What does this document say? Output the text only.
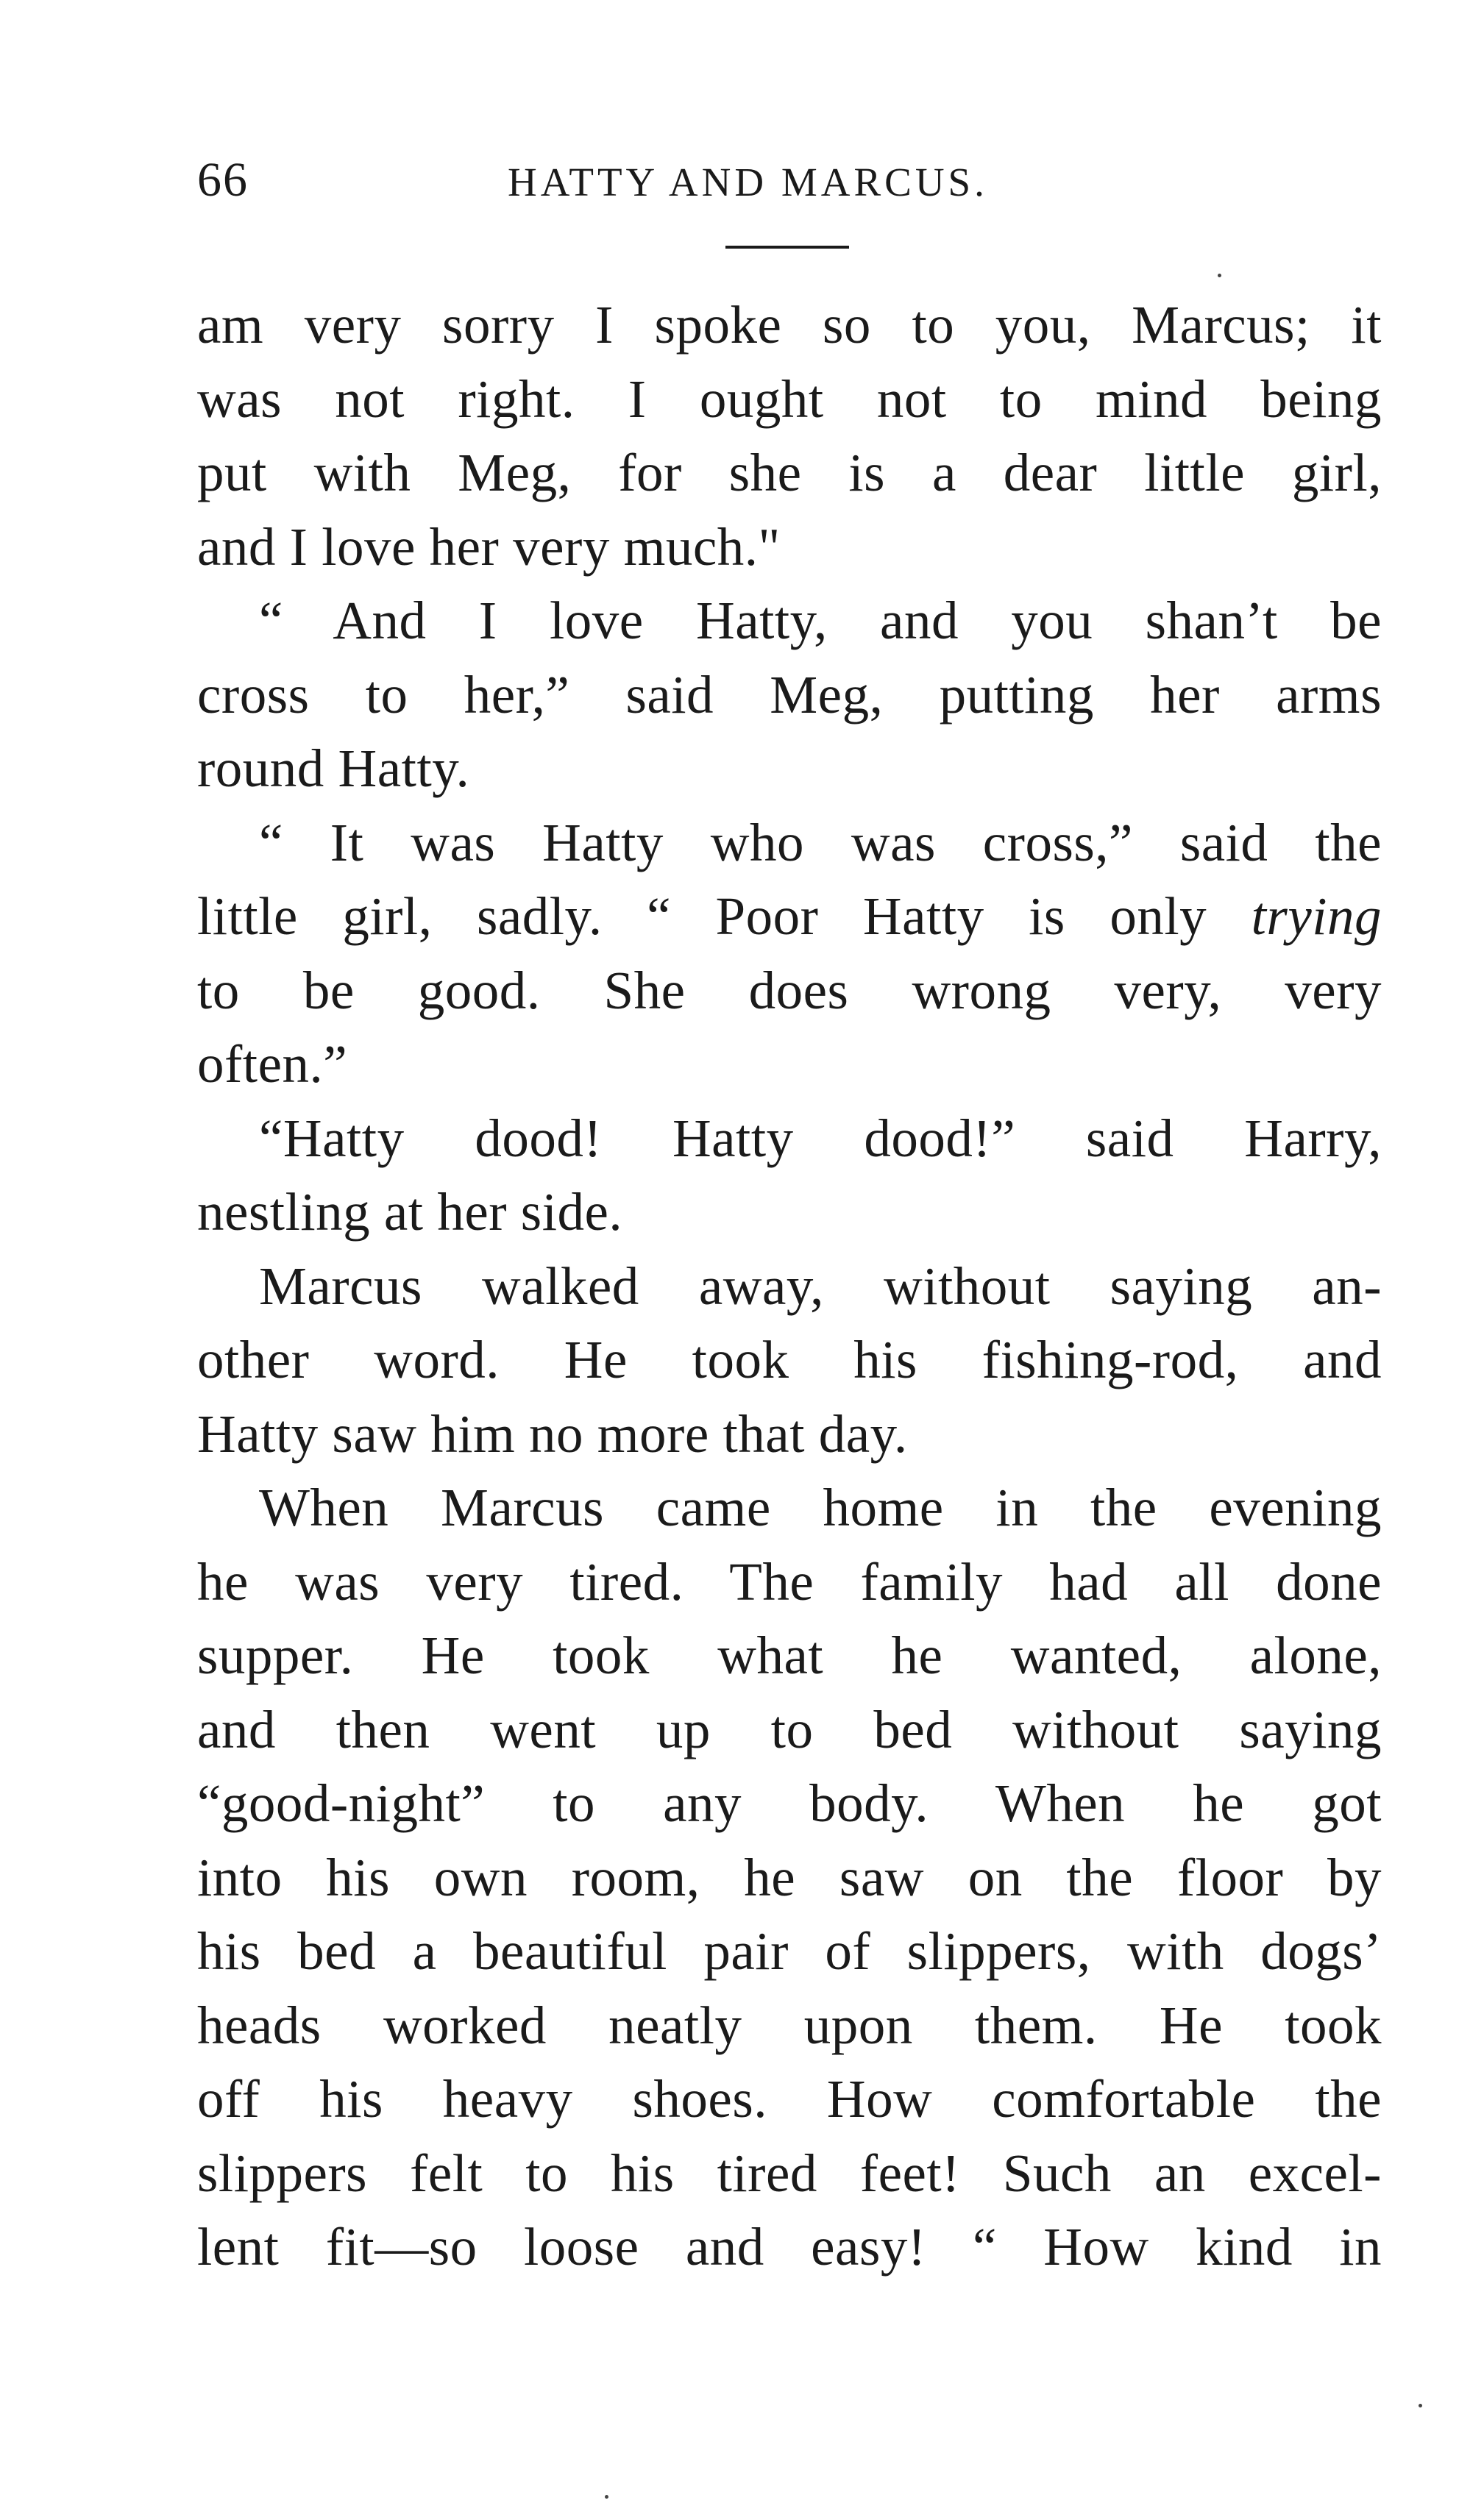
66	HATTY AND MARCUS.
am very sorry I spoke so to you, Marcus; it
was not right. I ought not to mind being
put with Meg, for she is a dear little girl,
and I love her very much."
“ And I love Hatty, and you shan’t be
cross to her,” said Meg, putting her arms
round Hatty.
“ It was Hatty who was cross,” said the
little girl, sadly. “ Poor Hatty is only trying
to be good. She does wrong very, very
often.”
“Hatty dood! Hatty dood!” said Harry,
nestling at her side.
Marcus walked away, without saying an-
other word. He took his fishing-rod, and
Hatty saw him no more that day.
When Marcus came home in the evening
he was very tired. The family had all done
supper. He took what he wanted, alone,
and then went up to bed without saying
“good-night” to any body. When he got
into his own room, he saw on the floor by
his bed a beautiful pair of slippers, with dogs’
heads worked neatly upon them. He took
off his heavy shoes. How comfortable the
slippers felt to his tired feet! Such an excel-
lent fit—so loose and easy! “ How kind in
